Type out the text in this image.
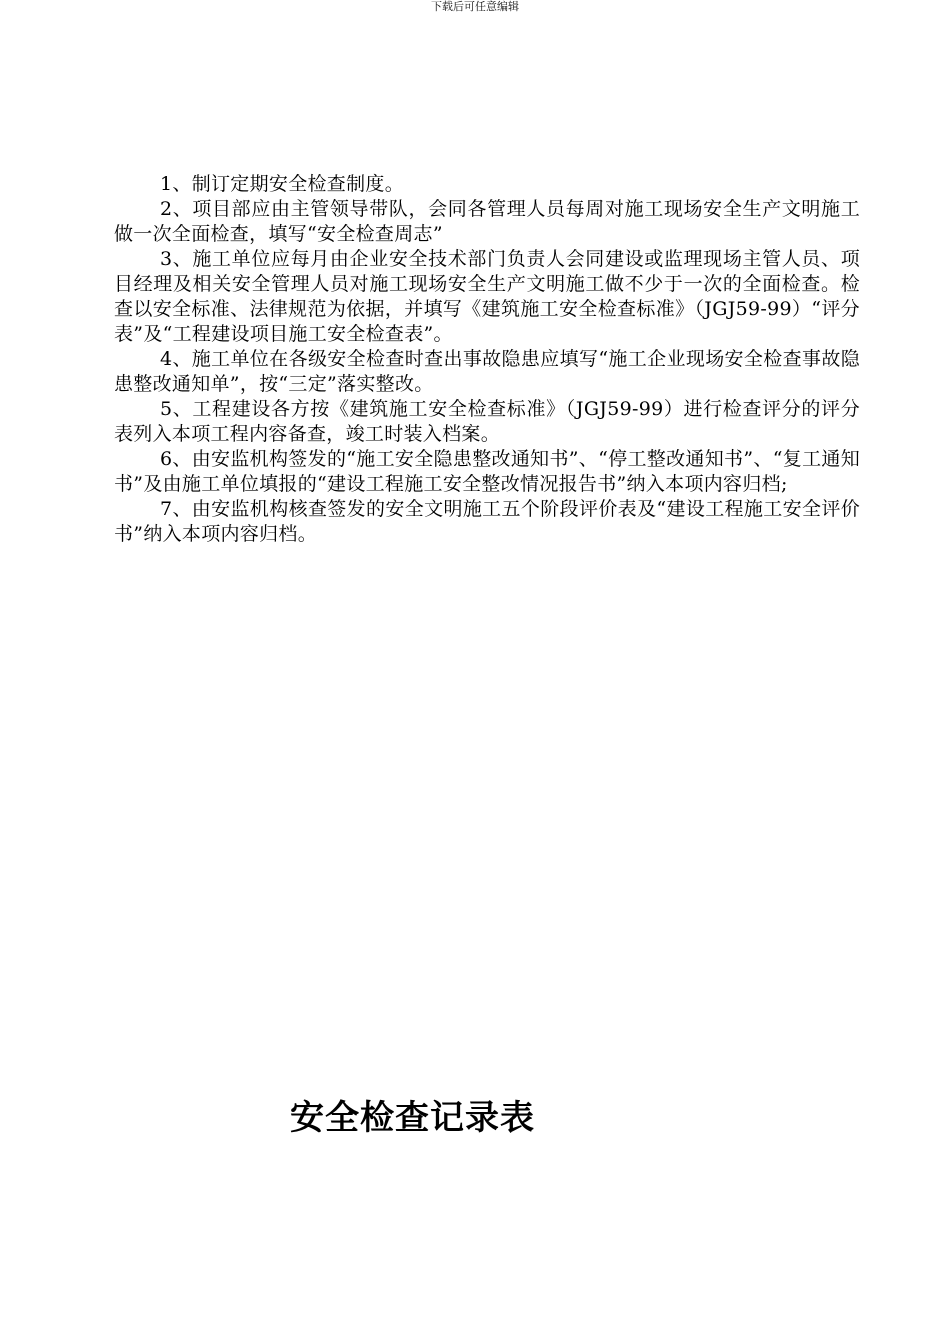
下载后可任意编辑

1、制订定期安全检查制度。

2、项目部应由主管领导带队，会同各管理人员每周对施工现场安全生产文明施工做一次全面检查，填写“安全检查周志”

3、施工单位应每月由企业安全技术部门负责人会同建设或监理现场主管人员、项目经理及相关安全管理人员对施工现场安全生产文明施工做不少于一次的全面检查。检查以安全标准、法律规范为依据，并填写《建筑施工安全检查标准》（JGJ59-99）“评分表”及“工程建设项目施工安全检查表”。

4、施工单位在各级安全检查时查出事故隐患应填写“施工企业现场安全检查事故隐患整改通知单”，按“三定”落实整改。

5、工程建设各方按《建筑施工安全检查标准》（JGJ59-99）进行检查评分的评分表列入本项工程内容备查，竣工时装入档案。

6、由安监机构签发的“施工安全隐患整改通知书”、“停工整改通知书”、“复工通知书”及由施工单位填报的“建设工程施工安全整改情况报告书”纳入本项内容归档;

7、由安监机构核查签发的安全文明施工五个阶段评价表及“建设工程施工安全评价书”纳入本项内容归档。

安全检查记录表
